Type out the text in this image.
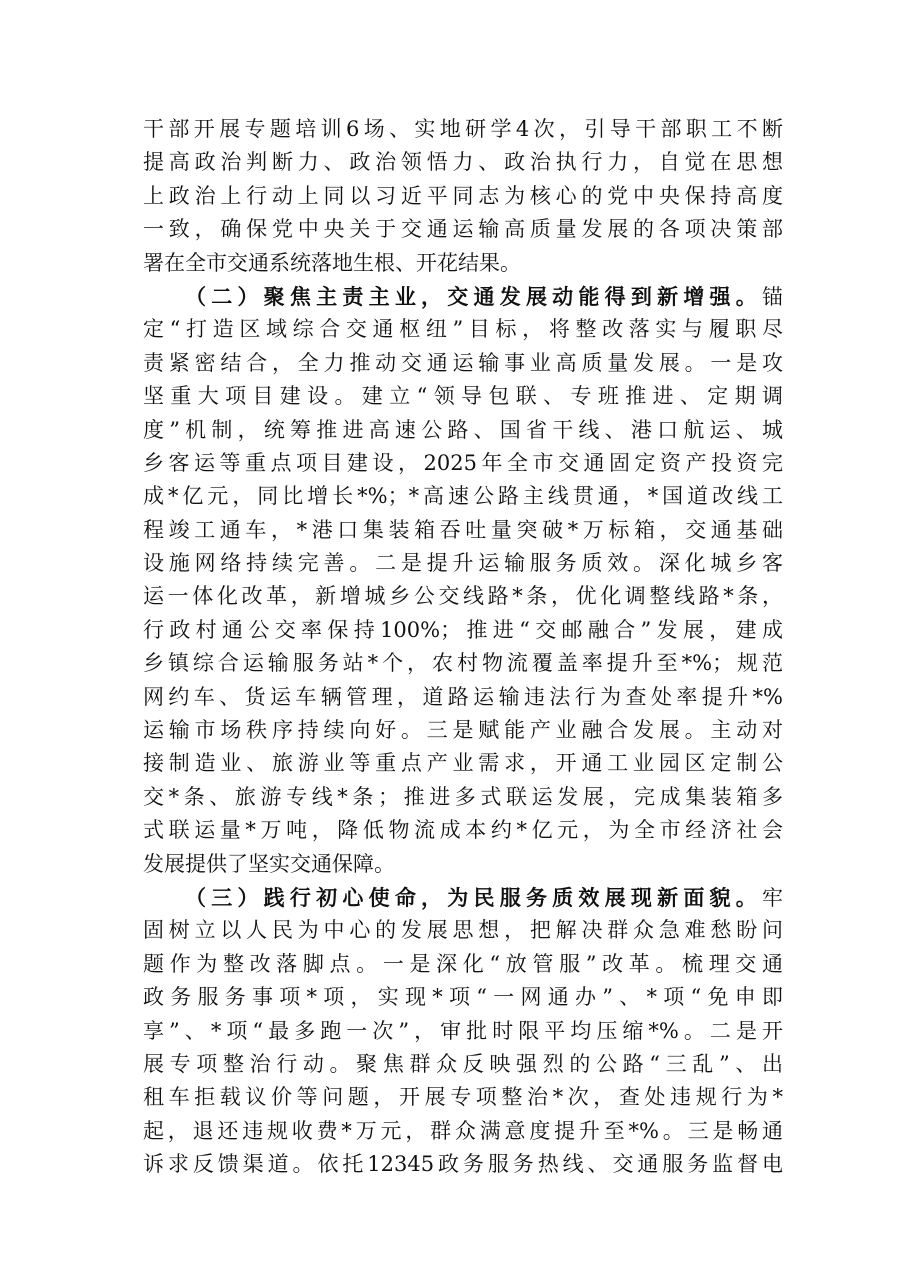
干部开展专题培训6场、实地研学4次，引导干部职工不断
提高政治判断力、政治领悟力、政治执行力，自觉在思想
上政治上行动上同以习近平同志为核心的党中央保持高度
一致，确保党中央关于交通运输高质量发展的各项决策部
署在全市交通系统落地生根、开花结果。
（二）聚焦主责主业，交通发展动能得到新增强。锚
定“打造区域综合交通枢纽”目标，将整改落实与履职尽
责紧密结合，全力推动交通运输事业高质量发展。一是攻
坚重大项目建设。建立“领导包联、专班推进、定期调
度”机制，统筹推进高速公路、国省干线、港口航运、城
乡客运等重点项目建设，2025年全市交通固定资产投资完
成*亿元，同比增长*%；*高速公路主线贯通，*国道改线工
程竣工通车，*港口集装箱吞吐量突破*万标箱，交通基础
设施网络持续完善。二是提升运输服务质效。深化城乡客
运一体化改革，新增城乡公交线路*条，优化调整线路*条，
行政村通公交率保持100%；推进“交邮融合”发展，建成
乡镇综合运输服务站*个，农村物流覆盖率提升至*%；规范
网约车、货运车辆管理，道路运输违法行为查处率提升*%
运输市场秩序持续向好。三是赋能产业融合发展。主动对
接制造业、旅游业等重点产业需求，开通工业园区定制公
交*条、旅游专线*条；推进多式联运发展，完成集装箱多
式联运量*万吨，降低物流成本约*亿元，为全市经济社会
发展提供了坚实交通保障。
（三）践行初心使命，为民服务质效展现新面貌。牢
固树立以人民为中心的发展思想，把解决群众急难愁盼问
题作为整改落脚点。一是深化“放管服”改革。梳理交通
政务服务事项*项，实现*项“一网通办”、*项“免申即
享”、*项“最多跑一次”，审批时限平均压缩*%。二是开
展专项整治行动。聚焦群众反映强烈的公路“三乱”、出
租车拒载议价等问题，开展专项整治*次，查处违规行为*
起，退还违规收费*万元，群众满意度提升至*%。三是畅通
诉求反馈渠道。依托12345政务服务热线、交通服务监督电
